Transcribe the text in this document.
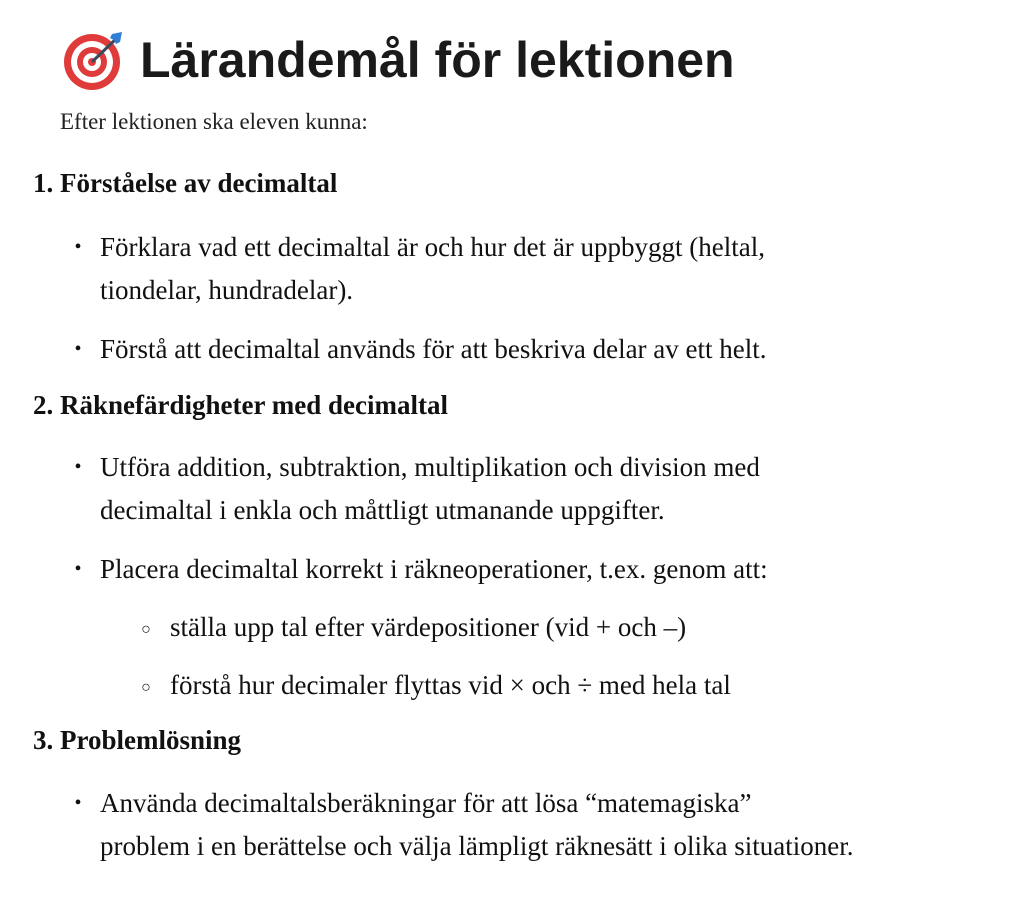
Lärandemål för lektionen
Efter lektionen ska eleven kunna:
1. Förståelse av decimaltal
• Förklara vad ett decimaltal är och hur det är uppbyggt (heltal,
tiondelar, hundradelar).
• Förstå att decimaltal används för att beskriva delar av ett helt.
2. Räknefärdigheter med decimaltal
• Utföra addition, subtraktion, multiplikation och division med
decimaltal i enkla och måttligt utmanande uppgifter.
• Placera decimaltal korrekt i räkneoperationer, t.ex. genom att:
○ ställa upp tal efter värdepositioner (vid + och –)
○ förstå hur decimaler flyttas vid × och ÷ med hela tal
3. Problemlösning
• Använda decimaltalsberäkningar för att lösa “matemagiska”
problem i en berättelse och välja lämpligt räknesätt i olika situationer.
